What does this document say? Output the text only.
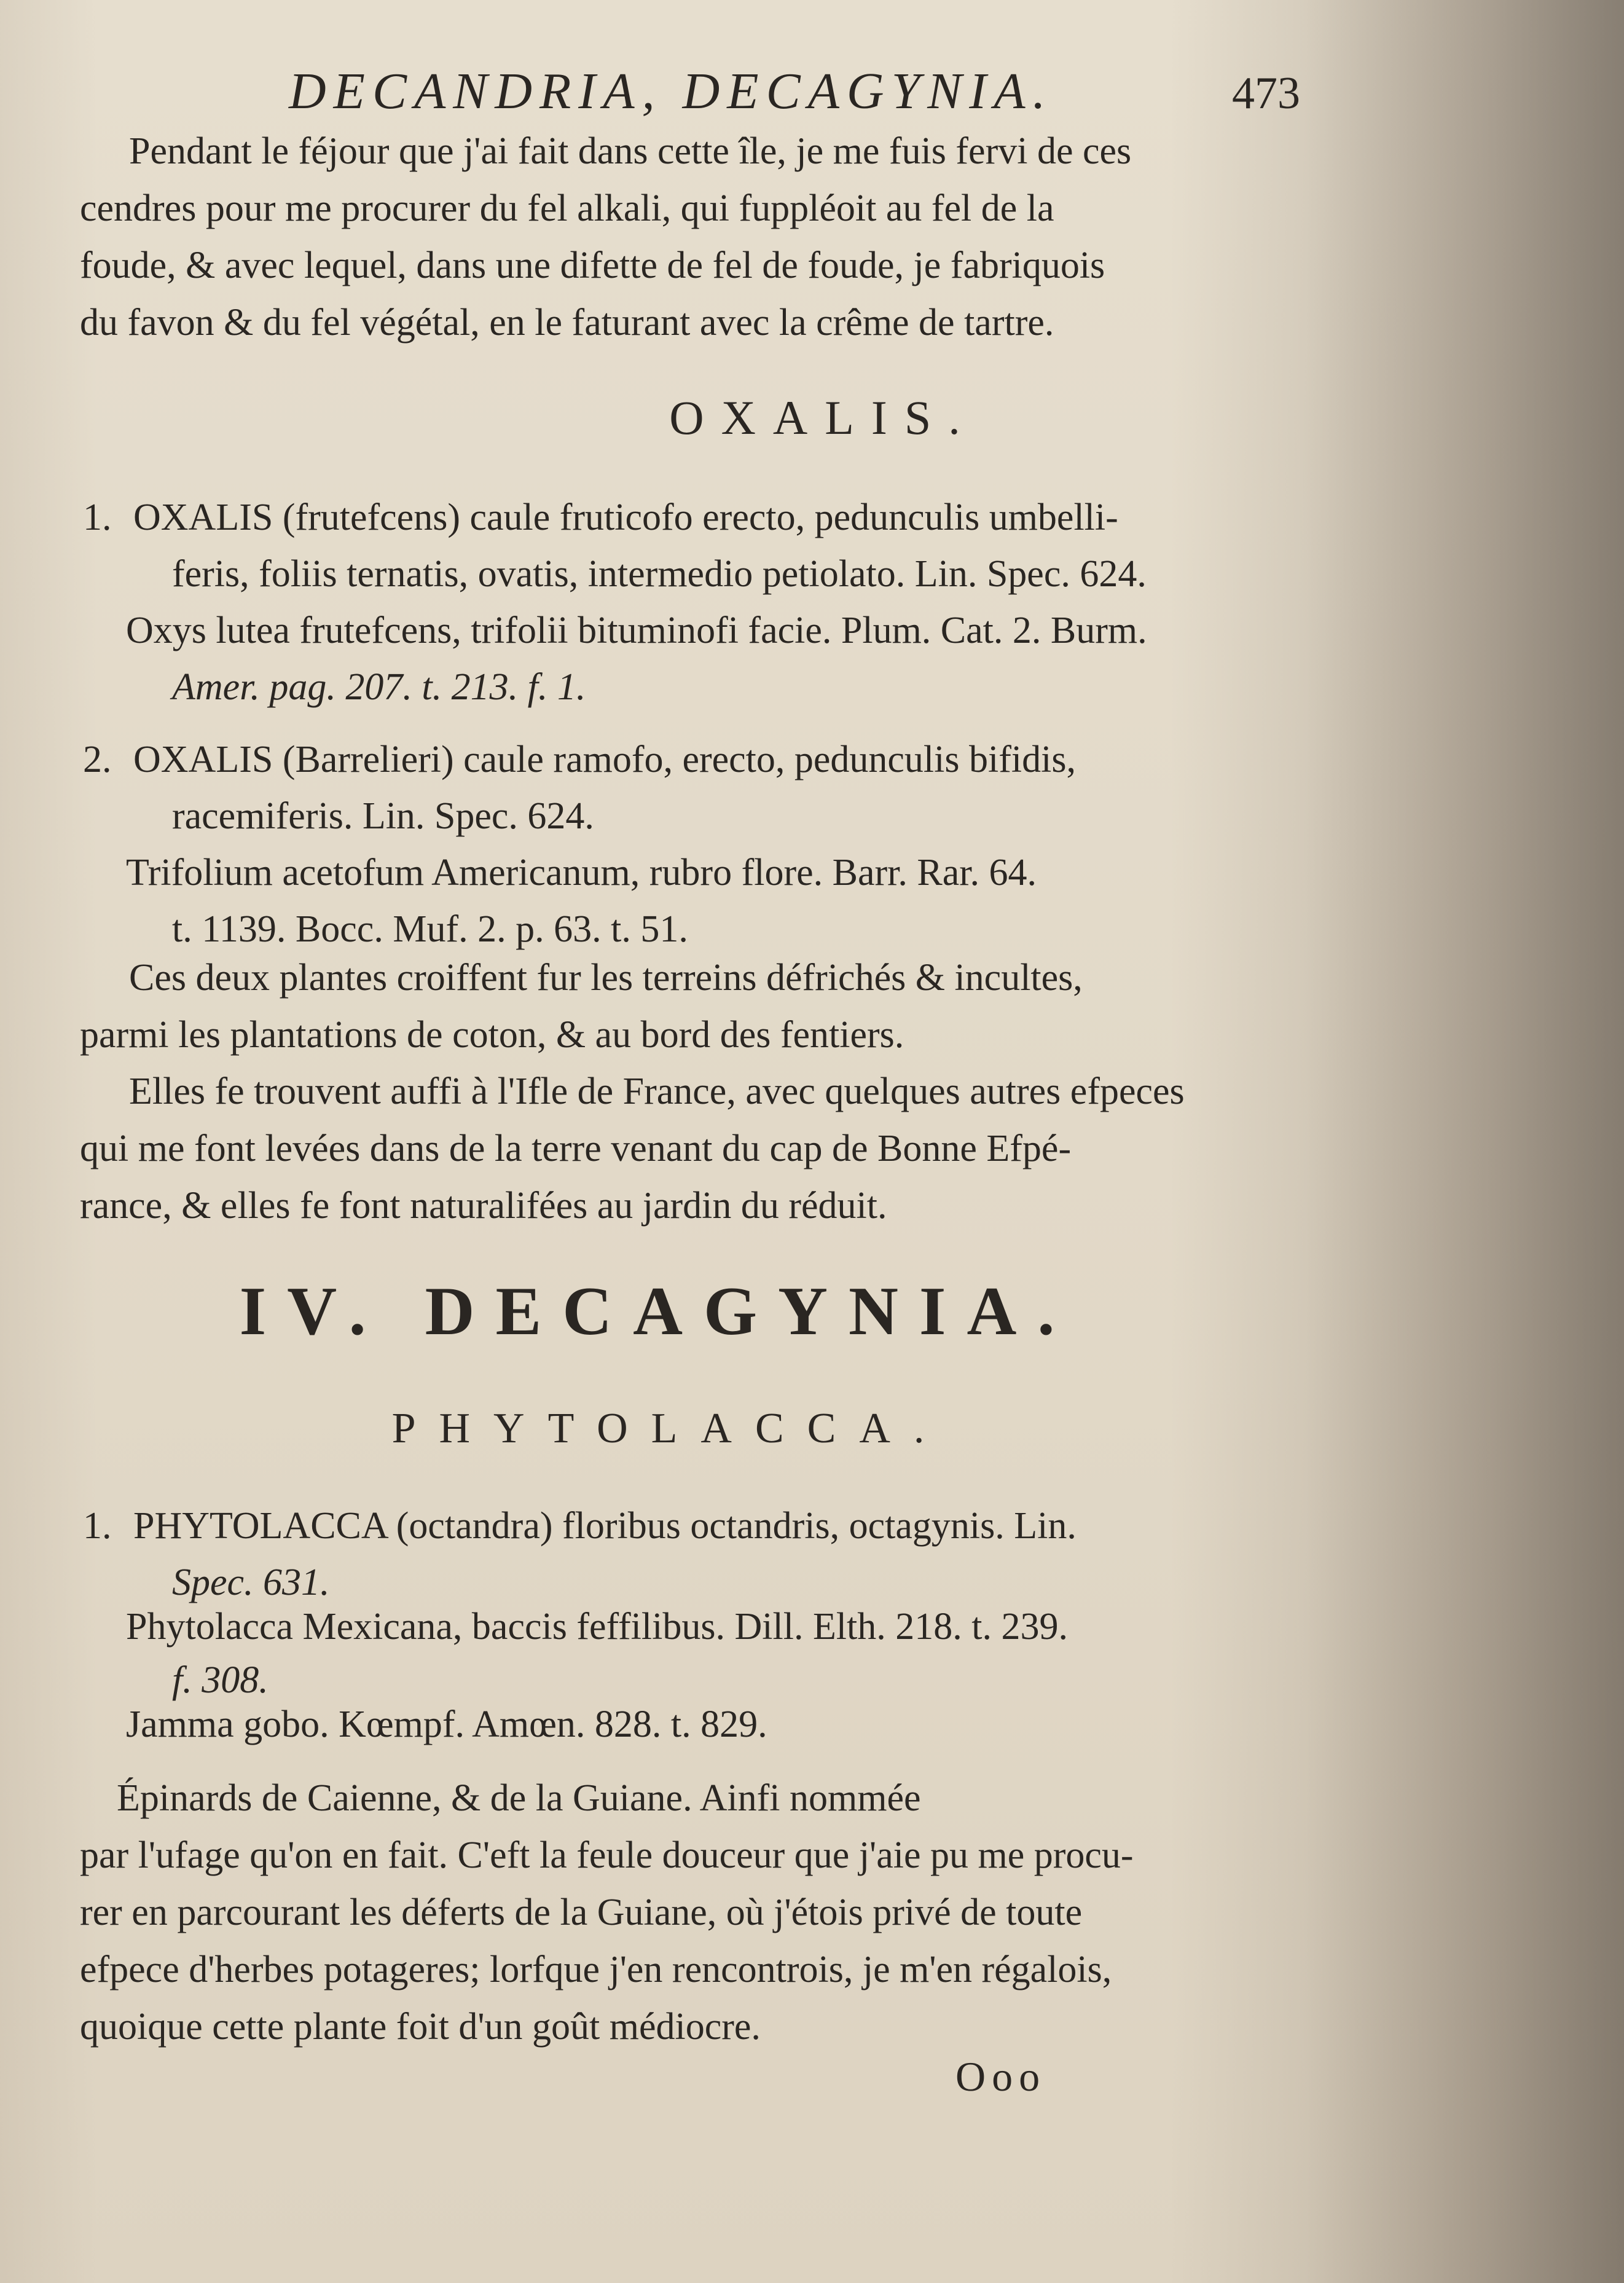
DECANDRIA, DECAGYNIA.	473
Pendant le féjour que j'ai fait dans cette île, je me fuis fervi de ces
cendres pour me procurer du fel alkali, qui fuppléoit au fel de la
foude, & avec lequel, dans une difette de fel de foude, je fabriquois
du favon & du fel végétal, en le faturant avec la crême de tartre.
OXALIS.
1. OXALIS (frutefcens) caule fruticofo erecto, pedunculis umbelli-
feris, foliis ternatis, ovatis, intermedio petiolato. Lin. Spec. 624.
Oxys lutea frutefcens, trifolii bituminofi facie. Plum. Cat. 2. Burm.
Amer. pag. 207. t. 213. f. 1.
2. OXALIS (Barrelieri) caule ramofo, erecto, pedunculis bifidis,
racemiferis. Lin. Spec. 624.
Trifolium acetofum Americanum, rubro flore. Barr. Rar. 64.
t. 1139. Bocc. Muf. 2. p. 63. t. 51.
Ces deux plantes croiffent fur les terreins défrichés & incultes,
parmi les plantations de coton, & au bord des fentiers.
Elles fe trouvent auffi à l'Ifle de France, avec quelques autres efpeces
qui me font levées dans de la terre venant du cap de Bonne Efpé-
rance, & elles fe font naturalifées au jardin du réduit.
IV. DECAGYNIA.
PHYTOLACCA.
1. PHYTOLACCA (octandra) floribus octandris, octagynis. Lin.
Spec. 631.
Phytolacca Mexicana, baccis feffilibus. Dill. Elth. 218. t. 239.
f. 308.
Jamma gobo. Kœmpf. Amœn. 828. t. 829.
Épinards de Caienne, & de la Guiane. Ainfi nommée
par l'ufage qu'on en fait. C'eft la feule douceur que j'aie pu me procu-
rer en parcourant les déferts de la Guiane, où j'étois privé de toute
efpece d'herbes potageres; lorfque j'en rencontrois, je m'en régalois,
quoique cette plante foit d'un goût médiocre.
Ooo
